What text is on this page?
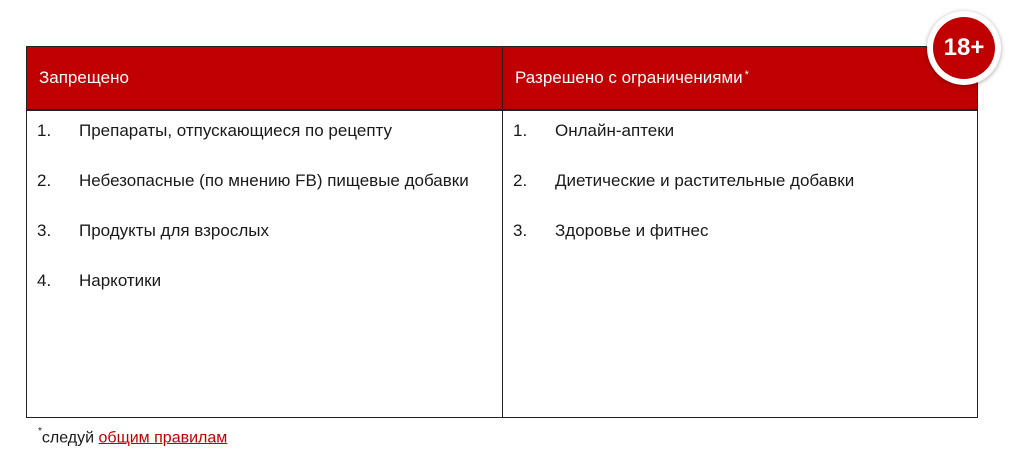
Запрещено	Разрешено с ограничениями*
1.	Препараты, отпускающиеся по рецепту
2.	Небезопасные (по мнению FB) пищевые добавки
3.	Продукты для взрослых
4.	Наркотики
1.	Онлайн-аптеки
2.	Диетические и растительные добавки
3.	Здоровье и фитнес
18+
*следуй общим правилам
